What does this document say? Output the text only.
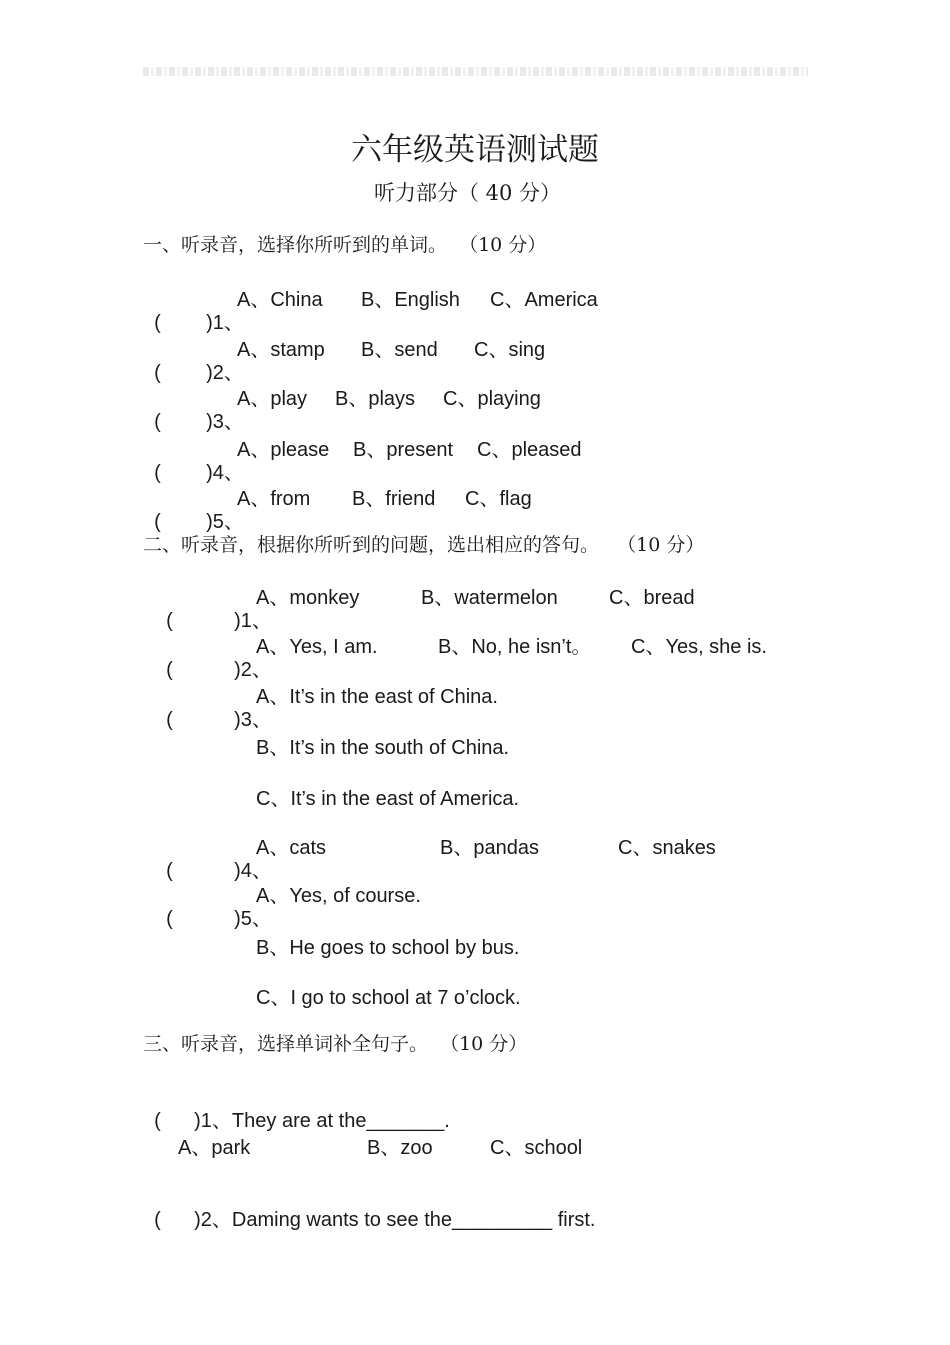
六年级英语测试题
听力部分（ 40 分）
一、听录音，选择你所听到的单词。  （10 分）

( )1、

A、China B、English C、America

( )2、

A、stamp B、send C、sing

( )3、

A、play B、plays C、playing

( )4、

A、please B、present C、pleased

( )5、

A、from B、friend C、flag
二、听录音，根据你所听到的问题，选出相应的答句。   （10 分）

(	)1、

A、monkey	B、watermelon	C、bread

(	)2、

A、Yes, I am.	B、No, he isn’t。 C、Yes, she is.

(	)3、

A、It’s in the east of China.
B、It’s in the south of China.
C、It’s in the east of America.

(	)4、

A、cats	B、pandas	C、snakes

(	)5、

A、Yes, of course.
B、He goes to school by bus.
C、I go to school at 7 o’clock.
三、听录音，选择单词补全句子。  （10 分）

( )1、They are at the_______.

A、park	B、zoo	C、school

( )2、Daming wants to see the_________ first.
